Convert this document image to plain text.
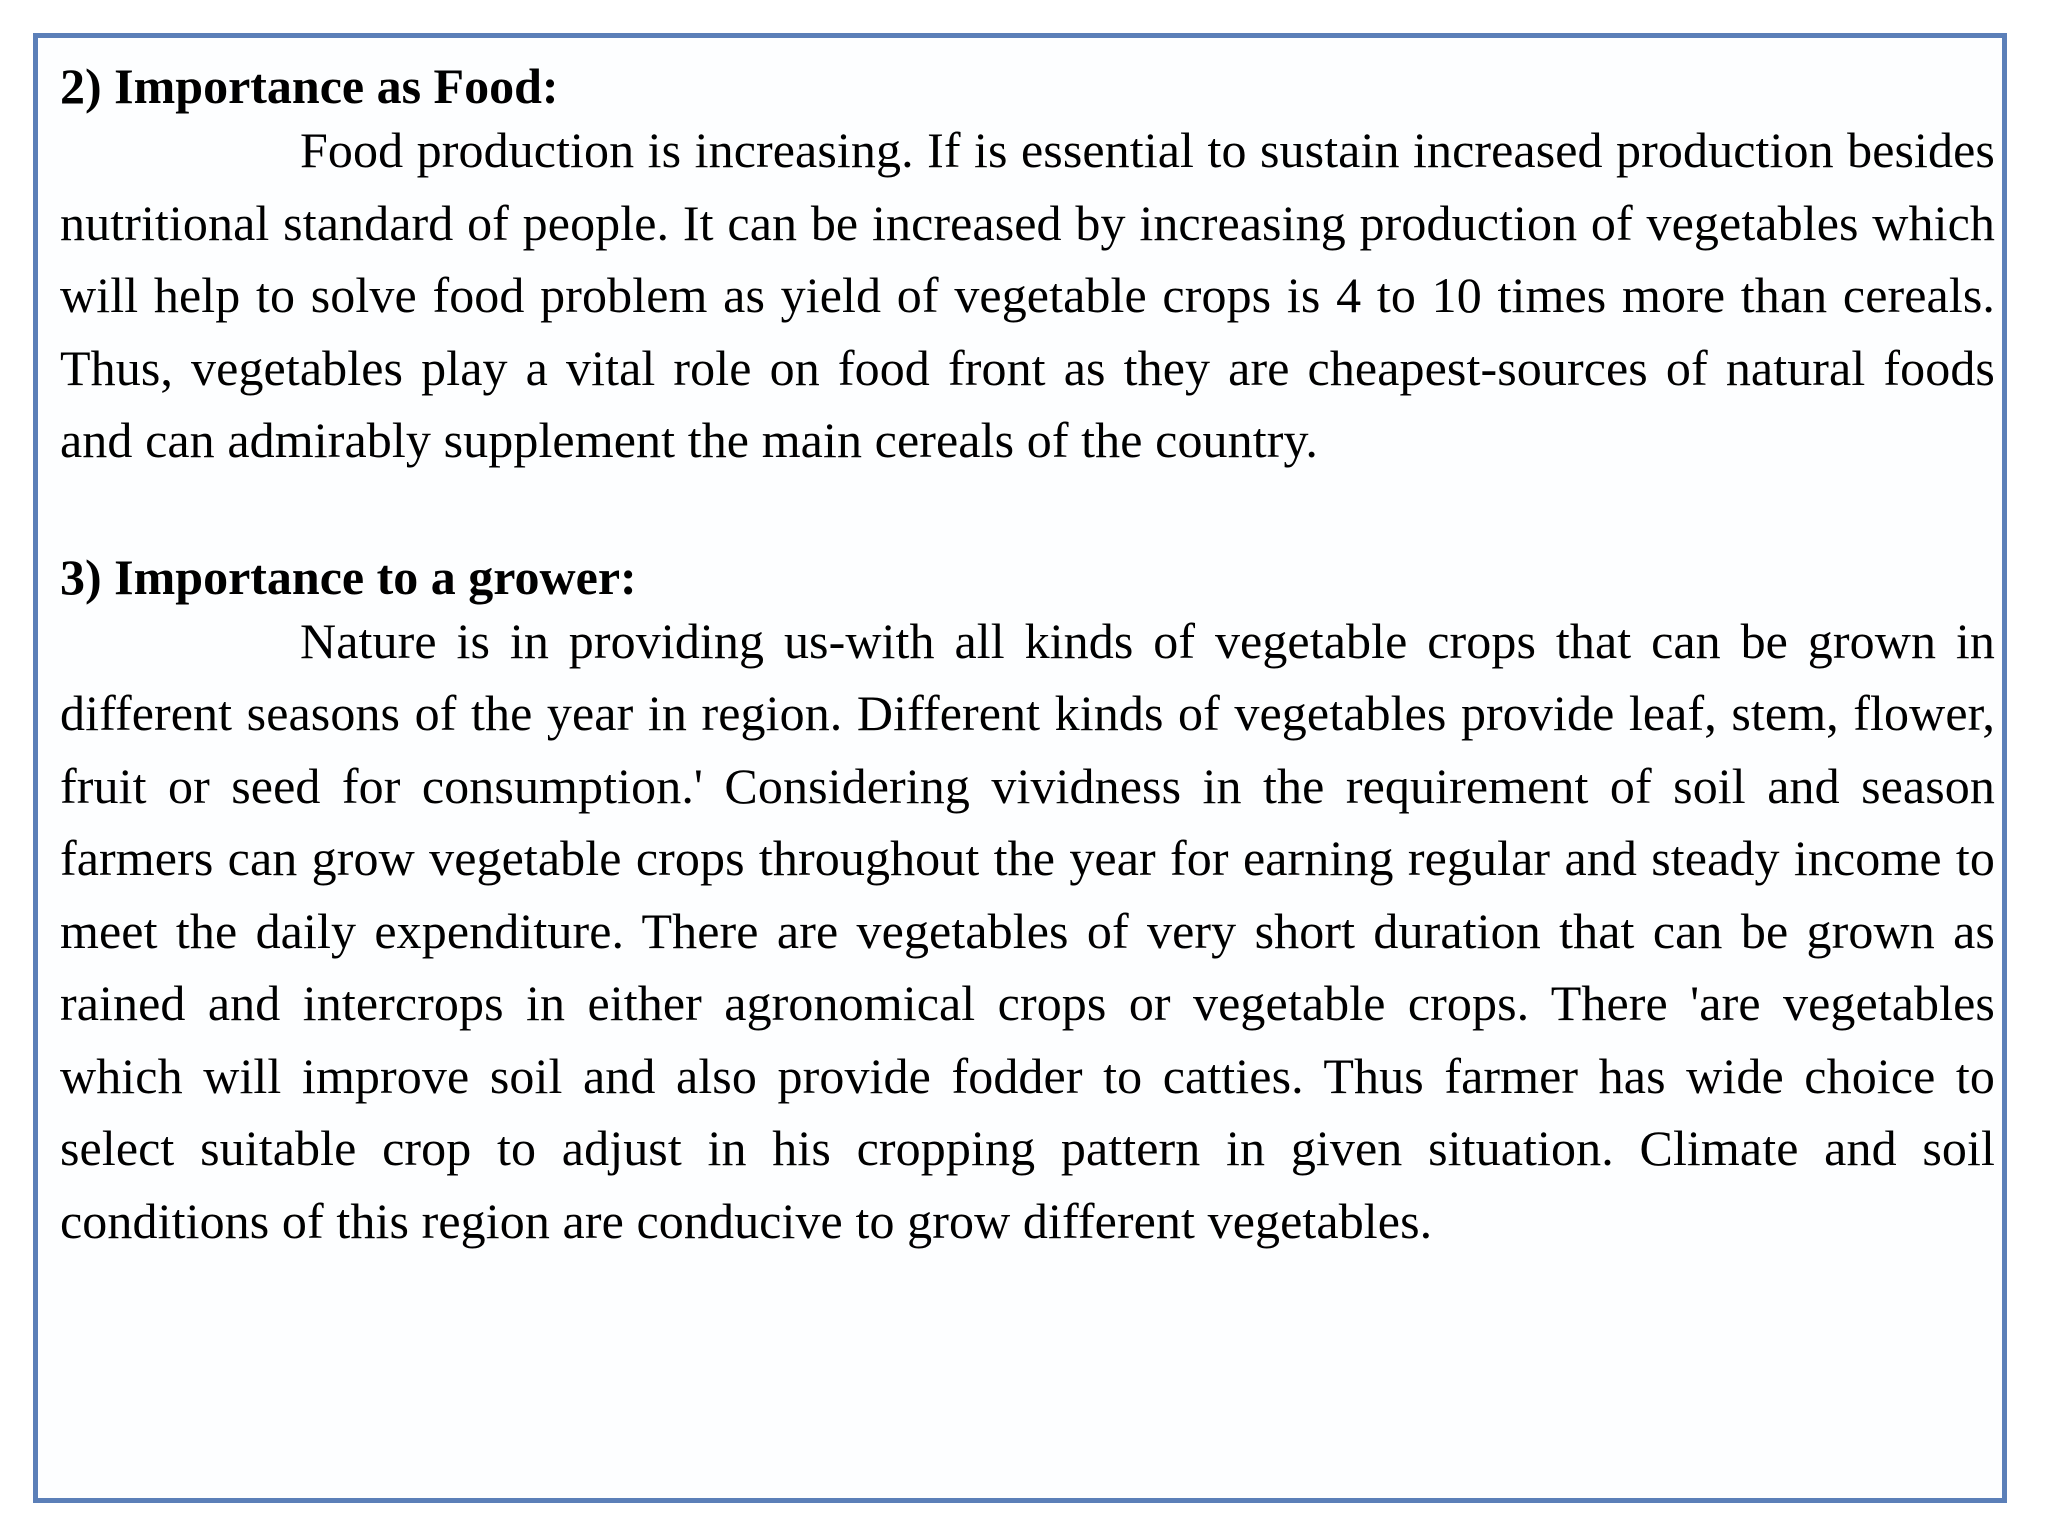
2) Importance as Food:

Food production is increasing. If is essential to sustain increased production besides nutritional standard of people. It can be increased by increasing production of vegetables which will help to solve food problem as yield of vegetable crops is 4 to 10 times more than cereals. Thus, vegetables play a vital role on food front as they are cheapest-sources of natural foods and can admirably supplement the main cereals of the country.

3) Importance to a grower:

Nature is in providing us-with all kinds of vegetable crops that can be grown in different seasons of the year in region. Different kinds of vegetables provide leaf, stem, flower, fruit or seed for consumption.' Considering vividness in the requirement of soil and season farmers can grow vegetable crops throughout the year for earning regular and steady income to meet the daily expenditure. There are vegetables of very short duration that can be grown as rained and intercrops in either agronomical crops or vegetable crops. There 'are vegetables which will improve soil and also provide fodder to catties. Thus farmer has wide choice to select suitable crop to adjust in his cropping pattern in given situation. Climate and soil conditions of this region are conducive to grow different vegetables.
